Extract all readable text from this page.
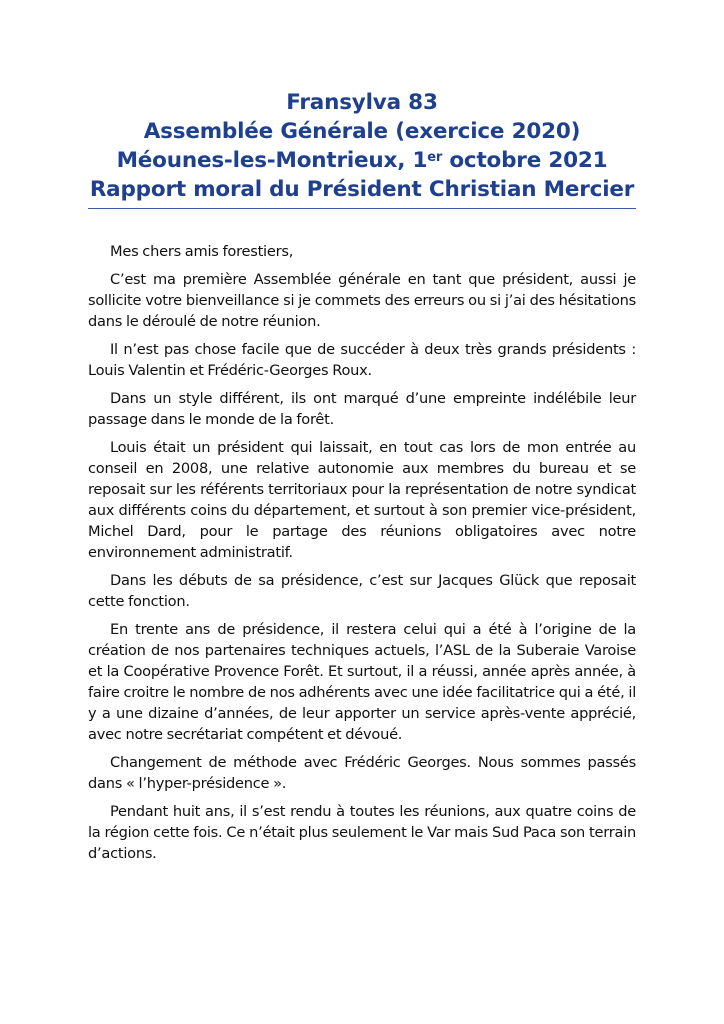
Fransylva 83
Assemblée Générale (exercice 2020)
Méounes-les-Montrieux, 1er octobre 2021
Rapport moral du Président Christian Mercier

Mes chers amis forestiers,

C’est ma première Assemblée générale en tant que président, aussi je sollicite votre bienveillance si je commets des erreurs ou si j’ai des hésitations dans le déroulé de notre réunion.

Il n’est pas chose facile que de succéder à deux très grands présidents : Louis Valentin et Frédéric-Georges Roux.

Dans un style différent, ils ont marqué d’une empreinte indélébile leur passage dans le monde de la forêt.

Louis était un président qui laissait, en tout cas lors de mon entrée au conseil en 2008, une relative autonomie aux membres du bureau et se reposait sur les référents territoriaux pour la représentation de notre syndicat aux différents coins du département, et surtout à son premier vice-président, Michel Dard, pour le partage des réunions obligatoires avec notre environnement administratif.

Dans les débuts de sa présidence, c’est sur Jacques Glück que reposait cette fonction.

En trente ans de présidence, il restera celui qui a été à l’origine de la création de nos partenaires techniques actuels, l’ASL de la Suberaie Varoise et la Coopérative Provence Forêt. Et surtout, il a réussi, année après année, à faire croitre le nombre de nos adhérents avec une idée facilitatrice qui a été, il y a une dizaine d’années, de leur apporter un service après-vente apprécié, avec notre secrétariat compétent et dévoué.

Changement de méthode avec Frédéric Georges. Nous sommes passés dans « l’hyper-présidence ».

Pendant huit ans, il s’est rendu à toutes les réunions, aux quatre coins de la région cette fois. Ce n’était plus seulement le Var mais Sud Paca son terrain d’actions.
